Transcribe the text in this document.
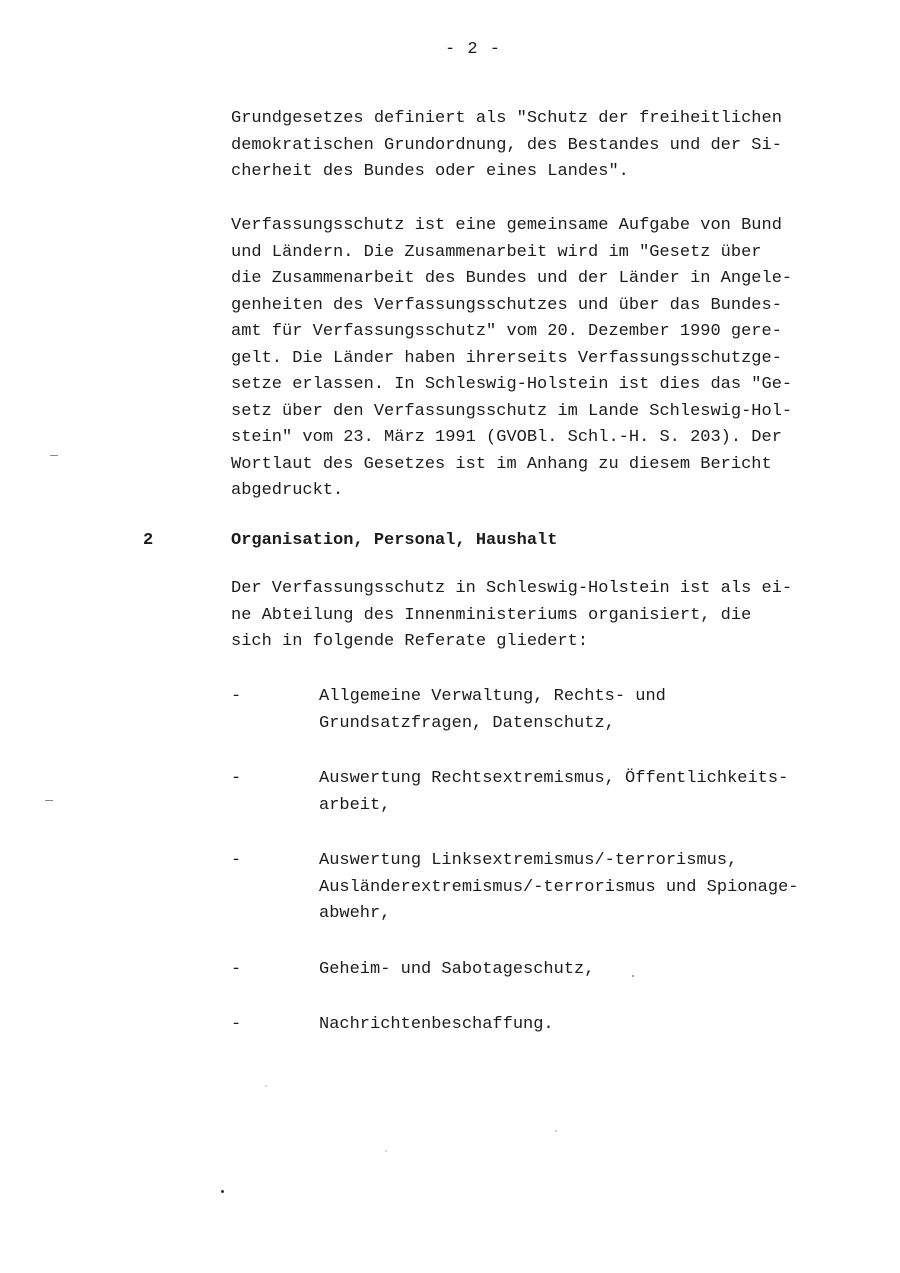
- 2 -

Grundgesetzes definiert als "Schutz der freiheitlichen
demokratischen Grundordnung, des Bestandes und der Si-
cherheit des Bundes oder eines Landes".

Verfassungsschutz ist eine gemeinsame Aufgabe von Bund
und Ländern. Die Zusammenarbeit wird im "Gesetz über
die Zusammenarbeit des Bundes und der Länder in Angele-
genheiten des Verfassungsschutzes und über das Bundes-
amt für Verfassungsschutz" vom 20. Dezember 1990 gere-
gelt. Die Länder haben ihrerseits Verfassungsschutzge-
setze erlassen. In Schleswig-Holstein ist dies das "Ge-
setz über den Verfassungsschutz im Lande Schleswig-Hol-
stein" vom 23. März 1991 (GVOBl. Schl.-H. S. 203). Der
Wortlaut des Gesetzes ist im Anhang zu diesem Bericht
abgedruckt.

2	Organisation, Personal, Haushalt

Der Verfassungsschutz in Schleswig-Holstein ist als ei-
ne Abteilung des Innenministeriums organisiert, die
sich in folgende Referate gliedert:

-	Allgemeine Verwaltung, Rechts- und
Grundsatzfragen, Datenschutz,
-	Auswertung Rechtsextremismus, Öffentlichkeits-
arbeit,
-	Auswertung Linksextremismus/-terrorismus,
Ausländerextremismus/-terrorismus und Spionage-
abwehr,
-	Geheim- und Sabotageschutz,
-	Nachrichtenbeschaffung.
